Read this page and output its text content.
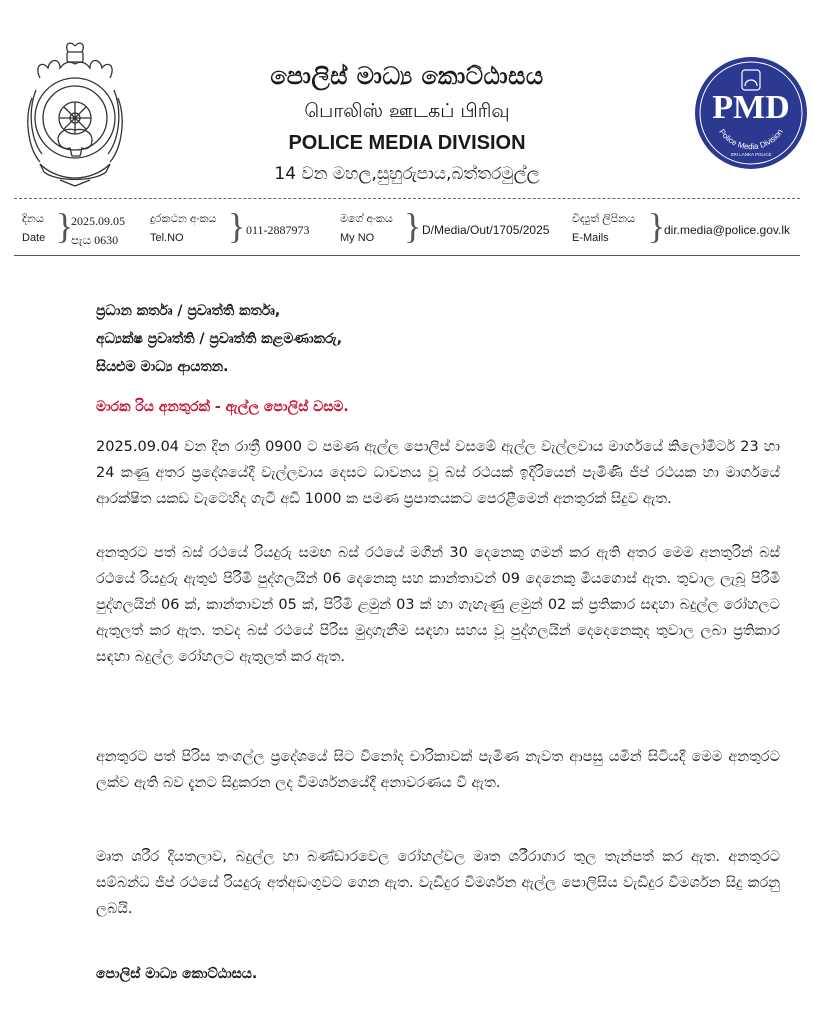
පොලිස් මාධ්‍ය කොට්ඨාසය
பொலிஸ் ஊடகப் பிரிவு
POLICE MEDIA DIVISION
14 වන මහල,සුහුරුපාය,බත්තරමුල්ල
PMD
Police Media Division
SRI LANKA POLICE
දිනය
Date }
2025.09.05
පැය 0630
දුරකථන අංකය
Tel.NO } 011-2887973
මගේ අංකය
My NO } D/Media/Out/1705/2025
විද්‍යුත් ලිපිනය
E-Mails }
dir.media@police.gov.lk
ප්‍රධාන කර්තෘ / ප්‍රවෘත්ති කර්තෘ,
අධ්‍යක්ෂ ප්‍රවෘත්ති / ප්‍රවෘත්ති කළමණාකරු,
සියළුම මාධ්‍ය ආයතන.
මාරක රිය අනතුරක් - ඇල්ල පොලිස් වසම.
2025.09.04 වන දින රාත්‍රී 0900 ට පමණ ඇල්ල පොලිස් වසමේ ඇල්ල වැල්ලවාය මාර්ගයේ කිලෝමීටර් 23 හා 24 කණු අතර ප්‍රදේශයේදී වැල්ලවාය දෙසට ධාවනය වූ බස් රථයක් ඉදිරියෙන් පැමිණි ජීප් රථයක හා මාර්ගයේ ආරක්ෂිත යකඩ වැටෙහිද ගැටී අඩි 1000 ක පමණ ප්‍රපාතයකට පෙරළීමෙන් අනතුරක් සිදුව ඇත.
අනතුරට පත් බස් රථයේ රියදුරු සමඟ බස් රථයේ මගීන් 30 දෙනෙකු ගමන් කර ඇති අතර මෙම අනතුරින් බස් රථයේ රියදුරු ඇතුළු පිරිමි පුද්ගලයින් 06 දෙනෙකු සහ කාන්තාවන් 09 දෙනෙකු මියගොස් ඇත. තුවාල ලැබූ පිරිමි පුද්ගලයින් 06 ක්, කාන්තාවන් 05 ක්, පිරිමි ළමුන් 03 ක් හා ගැහැණු ළමුන් 02 ක් ප්‍රතිකාර සඳහා බදුල්ල රෝහලට ඇතුලත් කර ඇත. තවද බස් රථයේ පිරිස මුදාගැනීම සඳහා සහය වූ පුද්ගලයින් දෙදෙනෙකුද තුවාල ලබා ප්‍රතිකාර සඳහා බදුල්ල රෝහලට ඇතුලත් කර ඇත.
අනතුරට පත් පිරිස තංගල්ල ප්‍රදේශයේ සිට විනෝද චාරිකාවක් පැමිණ නැවත ආපසු යමින් සිටියදී මෙම අනතුරට ලක්ව ඇති බව දැනට සිදුකරන ලද විමර්ශනයේදී අනාවරණය වී ඇත.
මෘත ශරීර දියතලාව, බදුල්ල හා බණ්ඩාරවෙල රෝහල්වල මෘත ශරීරාගාර තුල තැන්පත් කර ඇත. අනතුරට සම්බන්ධ ජීප් රථයේ රියදුරු අත්අඩංගුවට ගෙන ඇත. වැඩිදුර විමර්ශන ඇල්ල පොලිසිය වැඩිදුර විමර්ශන සිදු කරනු ලබයි.
පොලිස් මාධ්‍ය කොට්ඨාසය.
